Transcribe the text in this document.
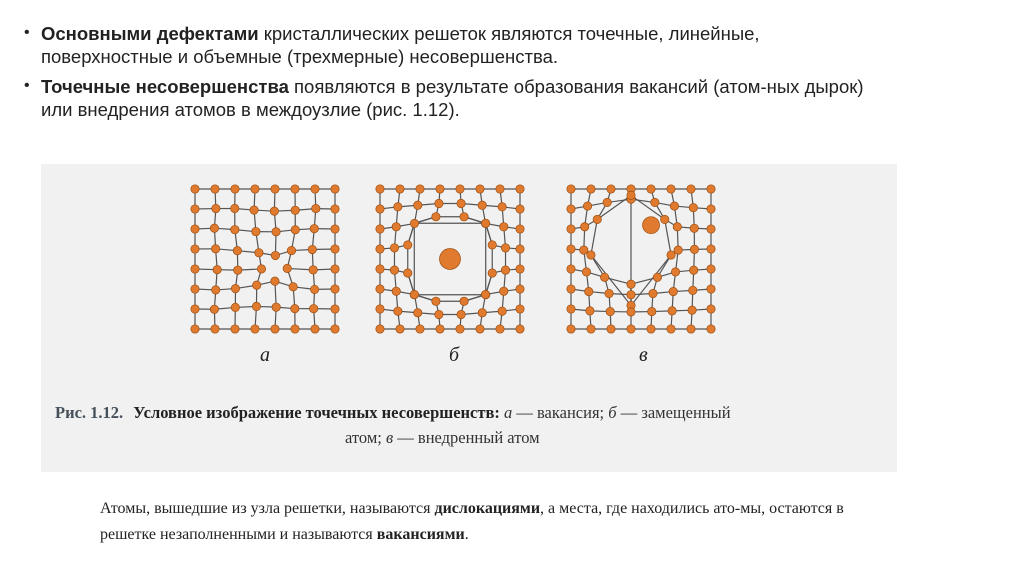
• Основными дефектами кристаллических решеток являются точечные, линейные, поверхностные и объемные (трехмерные) несовершенства.
• Точечные несовершенства появляются в результате образования вакансий (атом-ных дырок) или внедрения атомов в междоузлие (рис. 1.12).
а	б	в
Рис. 1.12. Условное изображение точечных несовершенств: а — вакансия; б — замещенный
атом; в — внедренный атом
Атомы, вышедшие из узла решетки, называются дислокациями, а места, где находились ато-мы, остаются в решетке незаполненными и называются вакансиями.
